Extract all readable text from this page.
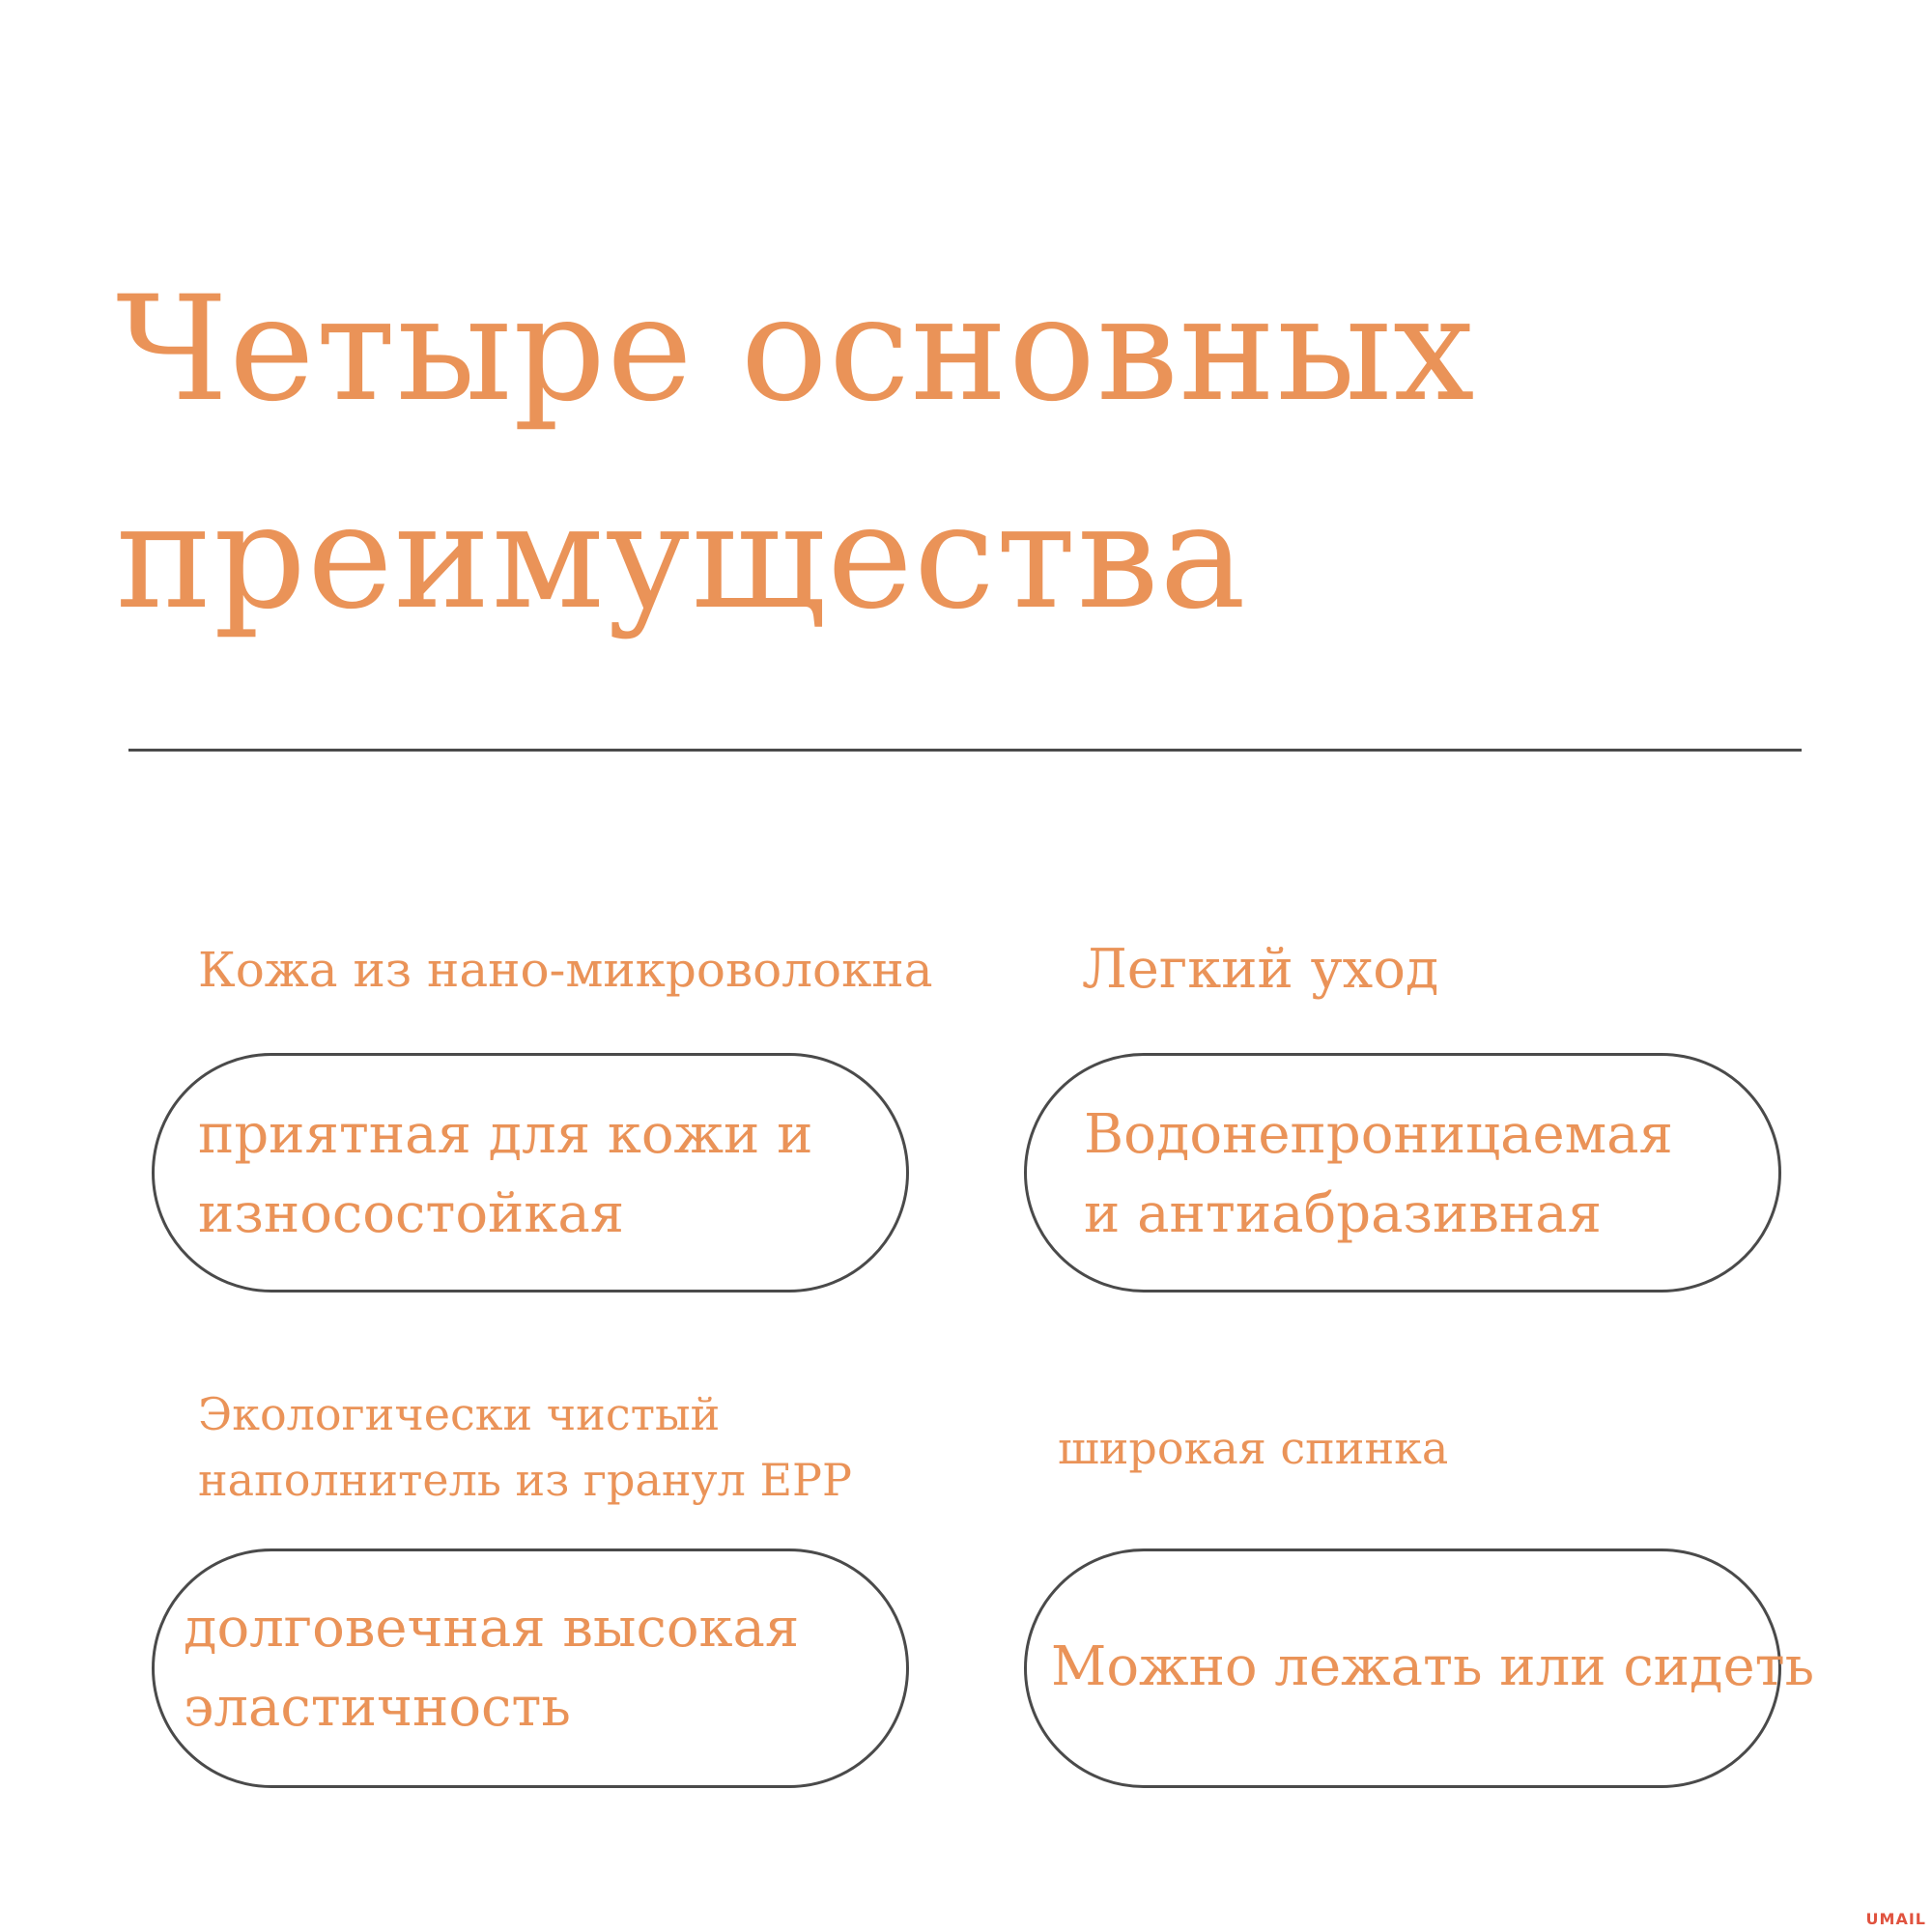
Четыре основных
преимущества
Кожа из нано-микроволокна
приятная для кожи и
износостойкая
Легкий уход
Водонепроницаемая
и антиабразивная
Экологически чистый
наполнитель из гранул EPP
долговечная высокая
эластичность
широкая спинка
Можно лежать или сидеть
UMAIL
